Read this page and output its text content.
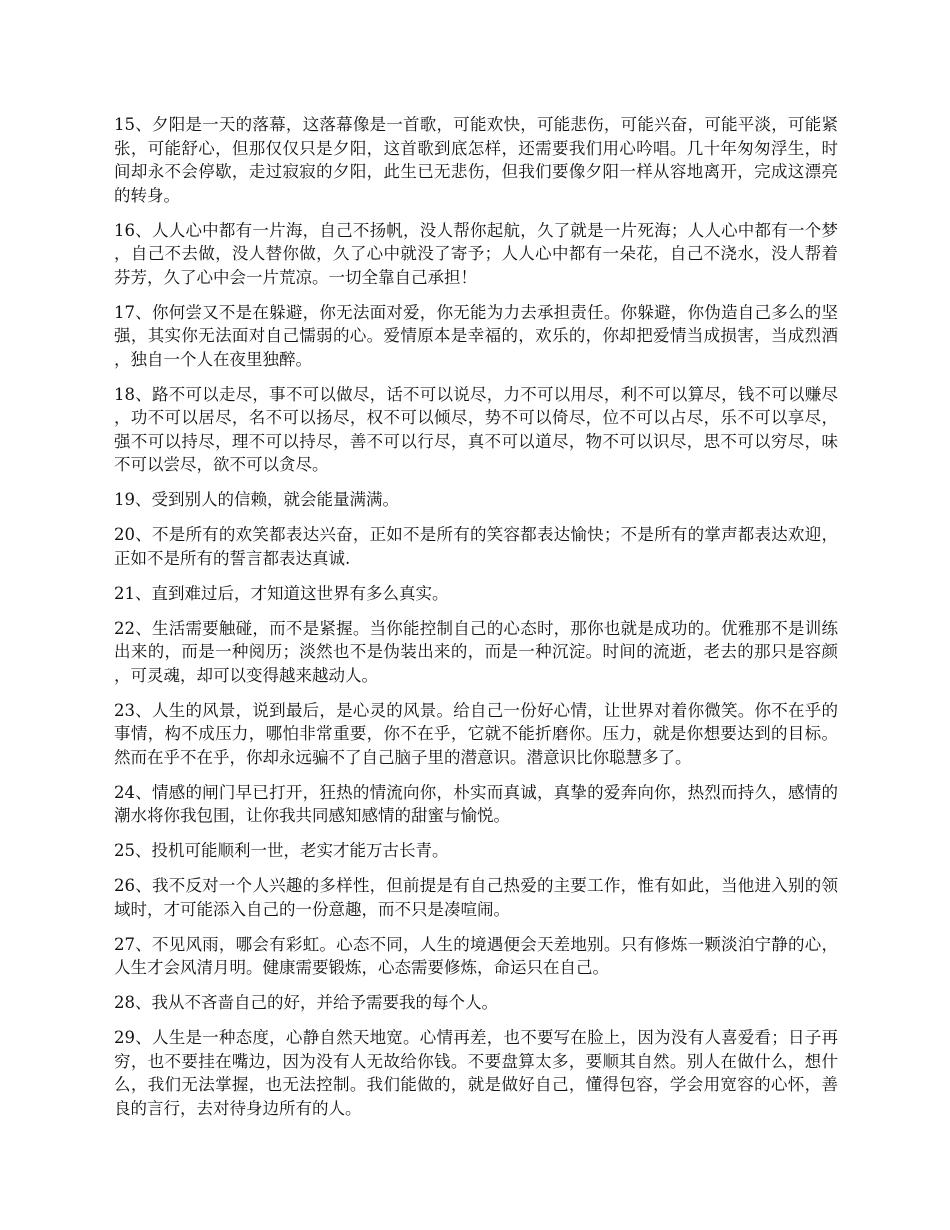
15、夕阳是一天的落幕，这落幕像是一首歌，可能欢快，可能悲伤，可能兴奋，可能平淡，可能紧张，可能舒心，但那仅仅只是夕阳，这首歌到底怎样，还需要我们用心吟唱。几十年匆匆浮生，时间却永不会停歇，走过寂寂的夕阳，此生已无悲伤，但我们要像夕阳一样从容地离开，完成这漂亮的转身。

16、人人心中都有一片海，自己不扬帆，没人帮你起航，久了就是一片死海；人人心中都有一个梦，自己不去做，没人替你做，久了心中就没了寄予；人人心中都有一朵花，自己不浇水，没人帮着芬芳，久了心中会一片荒凉。一切全靠自己承担！

17、你何尝又不是在躲避，你无法面对爱，你无能为力去承担责任。你躲避，你伪造自己多么的坚强，其实你无法面对自己懦弱的心。爱情原本是幸福的，欢乐的，你却把爱情当成损害，当成烈酒，独自一个人在夜里独醉。

18、路不可以走尽，事不可以做尽，话不可以说尽，力不可以用尽，利不可以算尽，钱不可以赚尽，功不可以居尽，名不可以扬尽，权不可以倾尽，势不可以倚尽，位不可以占尽，乐不可以享尽，强不可以持尽，理不可以持尽，善不可以行尽，真不可以道尽，物不可以识尽，思不可以穷尽，味不可以尝尽，欲不可以贪尽。

19、受到别人的信赖，就会能量满满。

20、不是所有的欢笑都表达兴奋，正如不是所有的笑容都表达愉快；不是所有的掌声都表达欢迎，正如不是所有的誓言都表达真诚.

21、直到难过后，才知道这世界有多么真实。

22、生活需要触碰，而不是紧握。当你能控制自己的心态时，那你也就是成功的。优雅那不是训练出来的，而是一种阅历；淡然也不是伪装出来的，而是一种沉淀。时间的流逝，老去的那只是容颜，可灵魂，却可以变得越来越动人。

23、人生的风景，说到最后，是心灵的风景。给自己一份好心情，让世界对着你微笑。你不在乎的事情，构不成压力，哪怕非常重要，你不在乎，它就不能折磨你。压力，就是你想要达到的目标。然而在乎不在乎，你却永远骗不了自己脑子里的潜意识。潜意识比你聪慧多了。

24、情感的闸门早已打开，狂热的情流向你，朴实而真诚，真挚的爱奔向你，热烈而持久，感情的潮水将你我包围，让你我共同感知感情的甜蜜与愉悦。

25、投机可能顺利一世，老实才能万古长青。

26、我不反对一个人兴趣的多样性，但前提是有自己热爱的主要工作，惟有如此，当他进入别的领域时，才可能添入自己的一份意趣，而不只是凑喧闹。

27、不见风雨，哪会有彩虹。心态不同，人生的境遇便会天差地别。只有修炼一颗淡泊宁静的心，人生才会风清月明。健康需要锻炼，心态需要修炼，命运只在自己。

28、我从不吝啬自己的好，并给予需要我的每个人。

29、人生是一种态度，心静自然天地宽。心情再差，也不要写在脸上，因为没有人喜爱看；日子再穷，也不要挂在嘴边，因为没有人无故给你钱。不要盘算太多，要顺其自然。别人在做什么，想什么，我们无法掌握，也无法控制。我们能做的，就是做好自己，懂得包容，学会用宽容的心怀，善良的言行，去对待身边所有的人。
